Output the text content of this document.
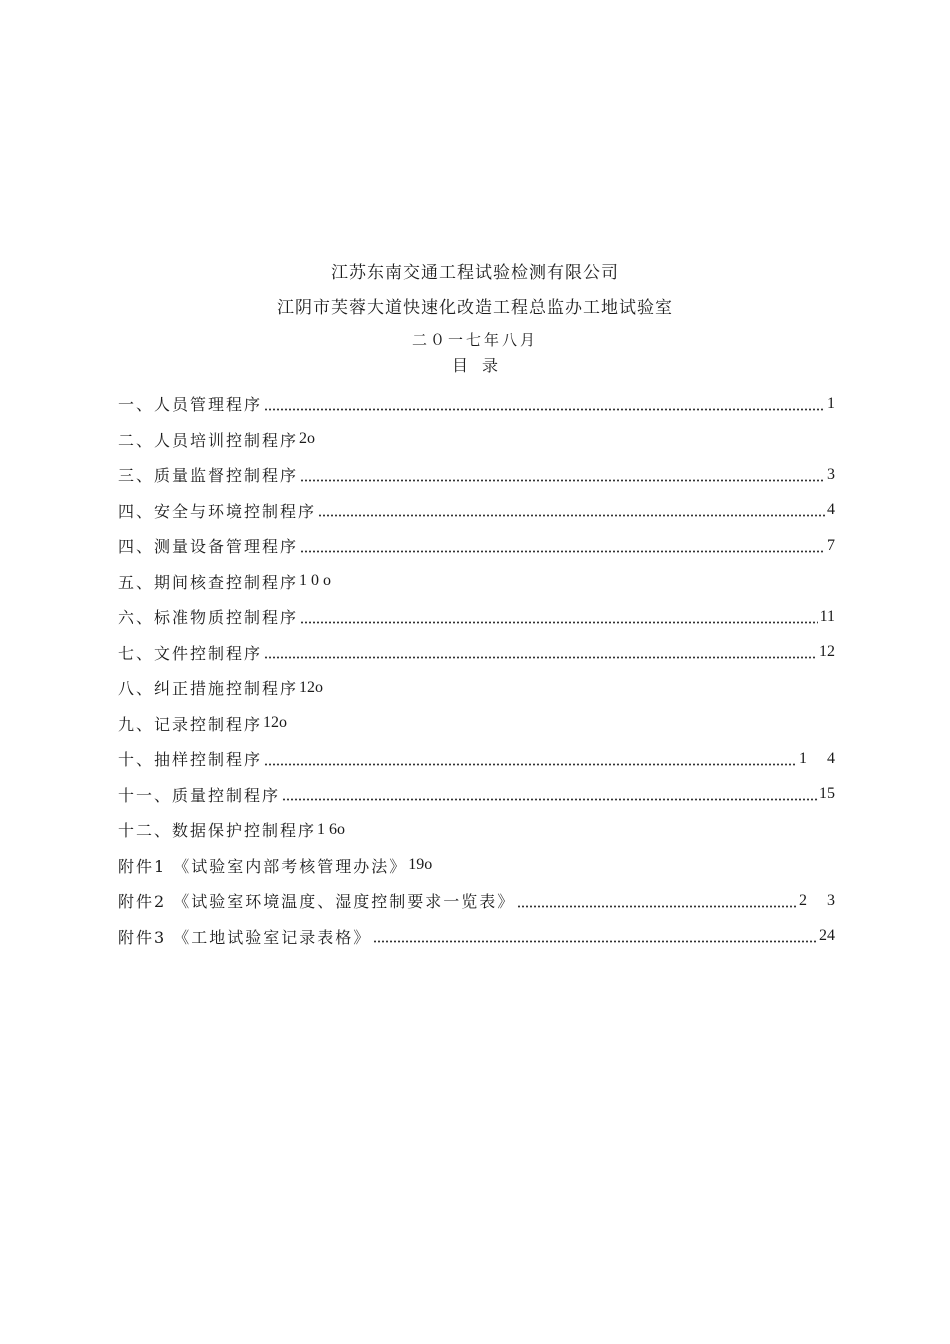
江苏东南交通工程试验检测有限公司
江阴市芙蓉大道快速化改造工程总监办工地试验室
二０一七年八月
目录
一、人员管理程序	1
二、人员培训控制程序 2o
三、质量监督控制程序	3
四、安全与环境控制程序	4
四、测量设备管理程序	7
五、期间核查控制程序 1 0 o
六、标准物质控制程序	11
七、文件控制程序	12
八、纠正措施控制程序 12o
九、记录控制程序 12o
十、抽样控制程序	1 4
十一、质量控制程序	15
十二、数据保护控制程序 1 6o
附件1 《试验室内部考核管理办法》 19o
附件2 《试验室环境温度、湿度控制要求一览表》	2 3
附件3 《工地试验室记录表格》	24
